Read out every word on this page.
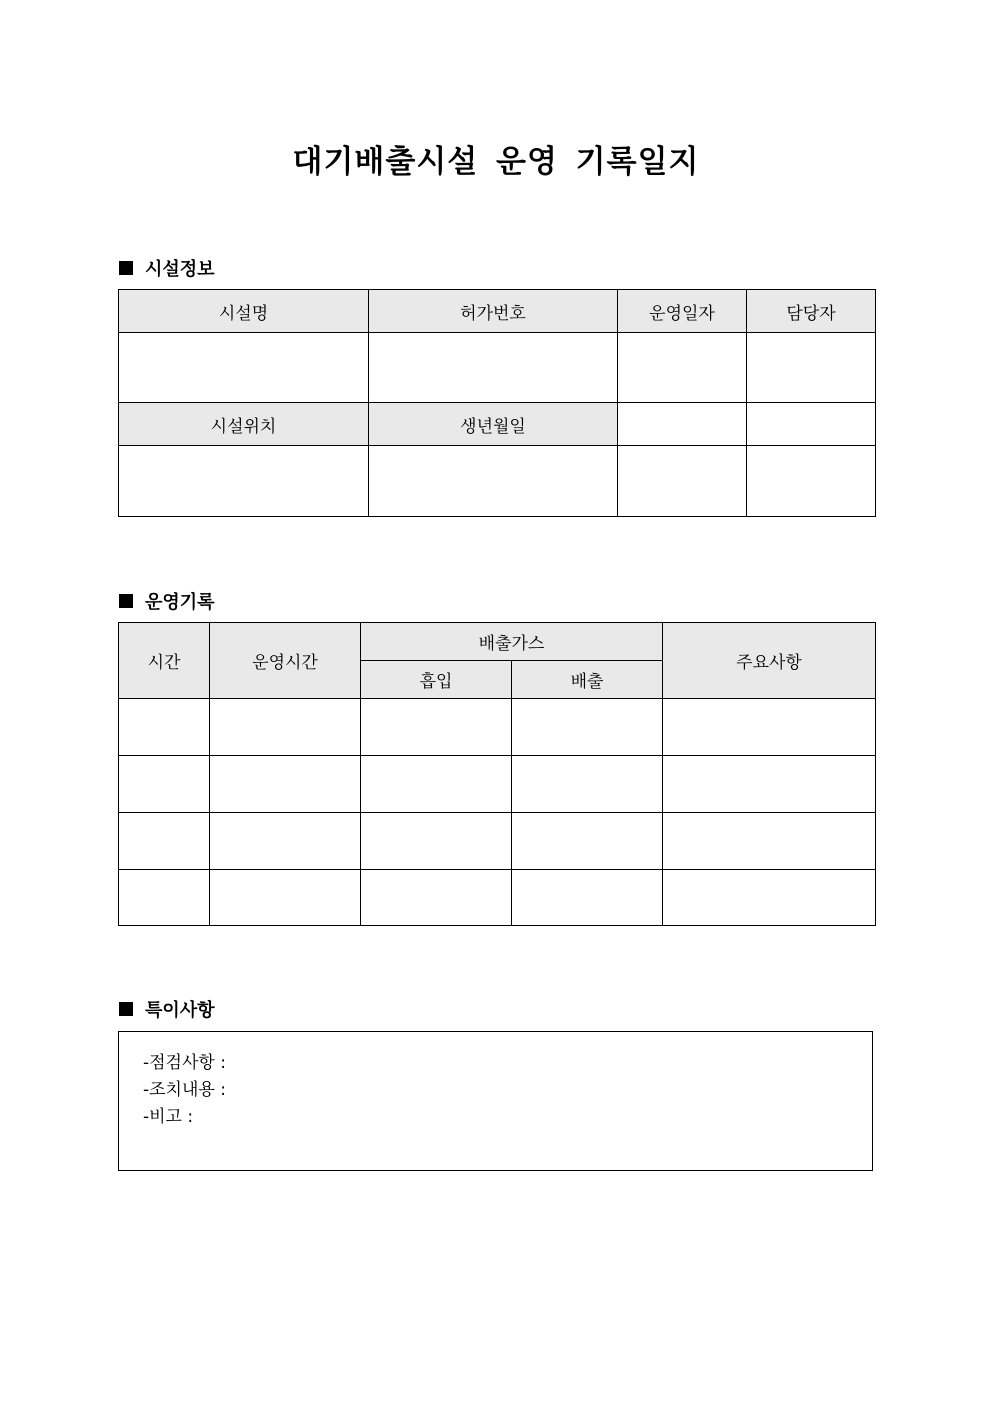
대기배출시설 운영 기록일지
시설정보
시설명	허가번호	운영일자	담당자

시설위치	생년월일		

운영기록
시간	운영시간	배출가스		주요사항
		흡입	배출	

특이사항
-점검사항 :
-조치내용 :
-비고 :
